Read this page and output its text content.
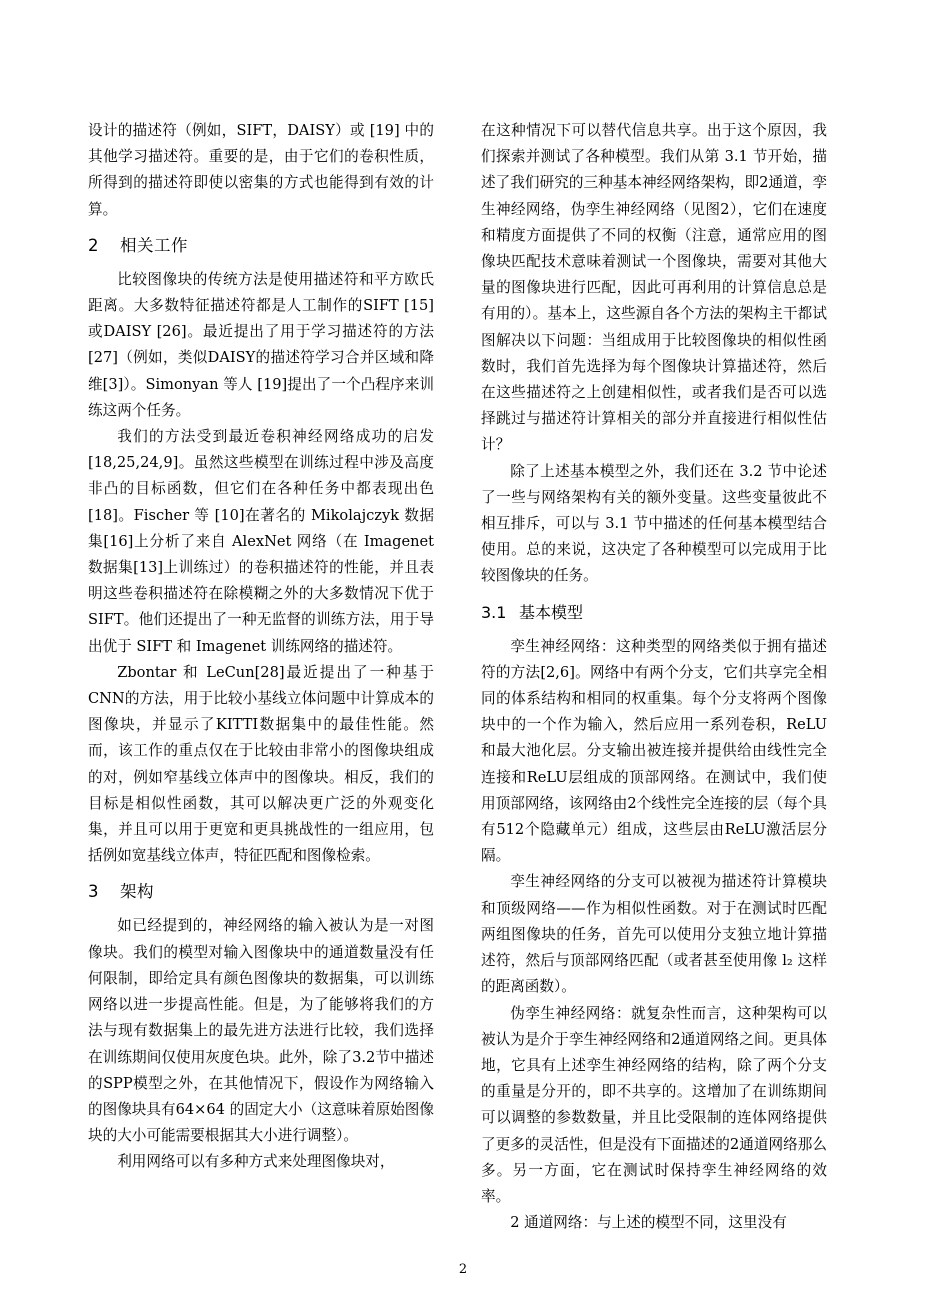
设计的描述符（例如，SIFT，DAISY）或 [19] 中的其他学习描述符。重要的是，由于它们的卷积性质，所得到的描述符即使以密集的方式也能得到有效的计算。

2 相关工作

比较图像块的传统方法是使用描述符和平方欧氏距离。大多数特征描述符都是人工制作的SIFT [15]或DAISY [26]。最近提出了用于学习描述符的方法[27]（例如，类似DAISY的描述符学习合并区域和降维[3]）。Simonyan 等人 [19]提出了一个凸程序来训练这两个任务。

我们的方法受到最近卷积神经网络成功的启发[18,25,24,9]。虽然这些模型在训练过程中涉及高度非凸的目标函数，但它们在各种任务中都表现出色[18]。Fischer 等 [10]在著名的 Mikolajczyk 数据集[16]上分析了来自 AlexNet 网络（在 Imagenet 数据集[13]上训练过）的卷积描述符的性能，并且表明这些卷积描述符在除模糊之外的大多数情况下优于 SIFT。他们还提出了一种无监督的训练方法，用于导出优于 SIFT 和 Imagenet 训练网络的描述符。

Zbontar 和 LeCun[28]最近提出了一种基于CNN的方法，用于比较小基线立体问题中计算成本的图像块，并显示了KITTI数据集中的最佳性能。然而，该工作的重点仅在于比较由非常小的图像块组成的对，例如窄基线立体声中的图像块。相反，我们的目标是相似性函数，其可以解决更广泛的外观变化集，并且可以用于更宽和更具挑战性的一组应用，包括例如宽基线立体声，特征匹配和图像检索。

3 架构

如已经提到的，神经网络的输入被认为是一对图像块。我们的模型对输入图像块中的通道数量没有任何限制，即给定具有颜色图像块的数据集，可以训练网络以进一步提高性能。但是，为了能够将我们的方法与现有数据集上的最先进方法进行比较，我们选择在训练期间仅使用灰度色块。此外，除了3.2节中描述的SPP模型之外，在其他情况下，假设作为网络输入的图像块具有64×64 的固定大小（这意味着原始图像块的大小可能需要根据其大小进行调整）。

利用网络可以有多种方式来处理图像块对，

在这种情况下可以替代信息共享。出于这个原因，我们探索并测试了各种模型。我们从第 3.1 节开始，描述了我们研究的三种基本神经网络架构，即2通道，孪生神经网络，伪孪生神经网络（见图2），它们在速度和精度方面提供了不同的权衡（注意，通常应用的图像块匹配技术意味着测试一个图像块，需要对其他大量的图像块进行匹配，因此可再利用的计算信息总是有用的）。基本上，这些源自各个方法的架构主干都试图解决以下问题：当组成用于比较图像块的相似性函数时，我们首先选择为每个图像块计算描述符，然后在这些描述符之上创建相似性，或者我们是否可以选择跳过与描述符计算相关的部分并直接进行相似性估计？

除了上述基本模型之外，我们还在 3.2 节中论述了一些与网络架构有关的额外变量。这些变量彼此不相互排斥，可以与 3.1 节中描述的任何基本模型结合使用。总的来说，这决定了各种模型可以完成用于比较图像块的任务。

3.1 基本模型

孪生神经网络：这种类型的网络类似于拥有描述符的方法[2,6]。网络中有两个分支，它们共享完全相同的体系结构和相同的权重集。每个分支将两个图像块中的一个作为输入，然后应用一系列卷积，ReLU 和最大池化层。分支输出被连接并提供给由线性完全连接和ReLU层组成的顶部网络。在测试中，我们使用顶部网络，该网络由2个线性完全连接的层（每个具有512个隐藏单元）组成，这些层由ReLU激活层分隔。

孪生神经网络的分支可以被视为描述符计算模块和顶级网络——作为相似性函数。对于在测试时匹配两组图像块的任务，首先可以使用分支独立地计算描述符，然后与顶部网络匹配（或者甚至使用像 l₂ 这样的距离函数）。

伪孪生神经网络：就复杂性而言，这种架构可以被认为是介于孪生神经网络和2通道网络之间。更具体地，它具有上述孪生神经网络的结构，除了两个分支的重量是分开的，即不共享的。这增加了在训练期间可以调整的参数数量，并且比受限制的连体网络提供了更多的灵活性，但是没有下面描述的2通道网络那么多。另一方面，它在测试时保持孪生神经网络的效率。

2 通道网络：与上述的模型不同，这里没有

2
